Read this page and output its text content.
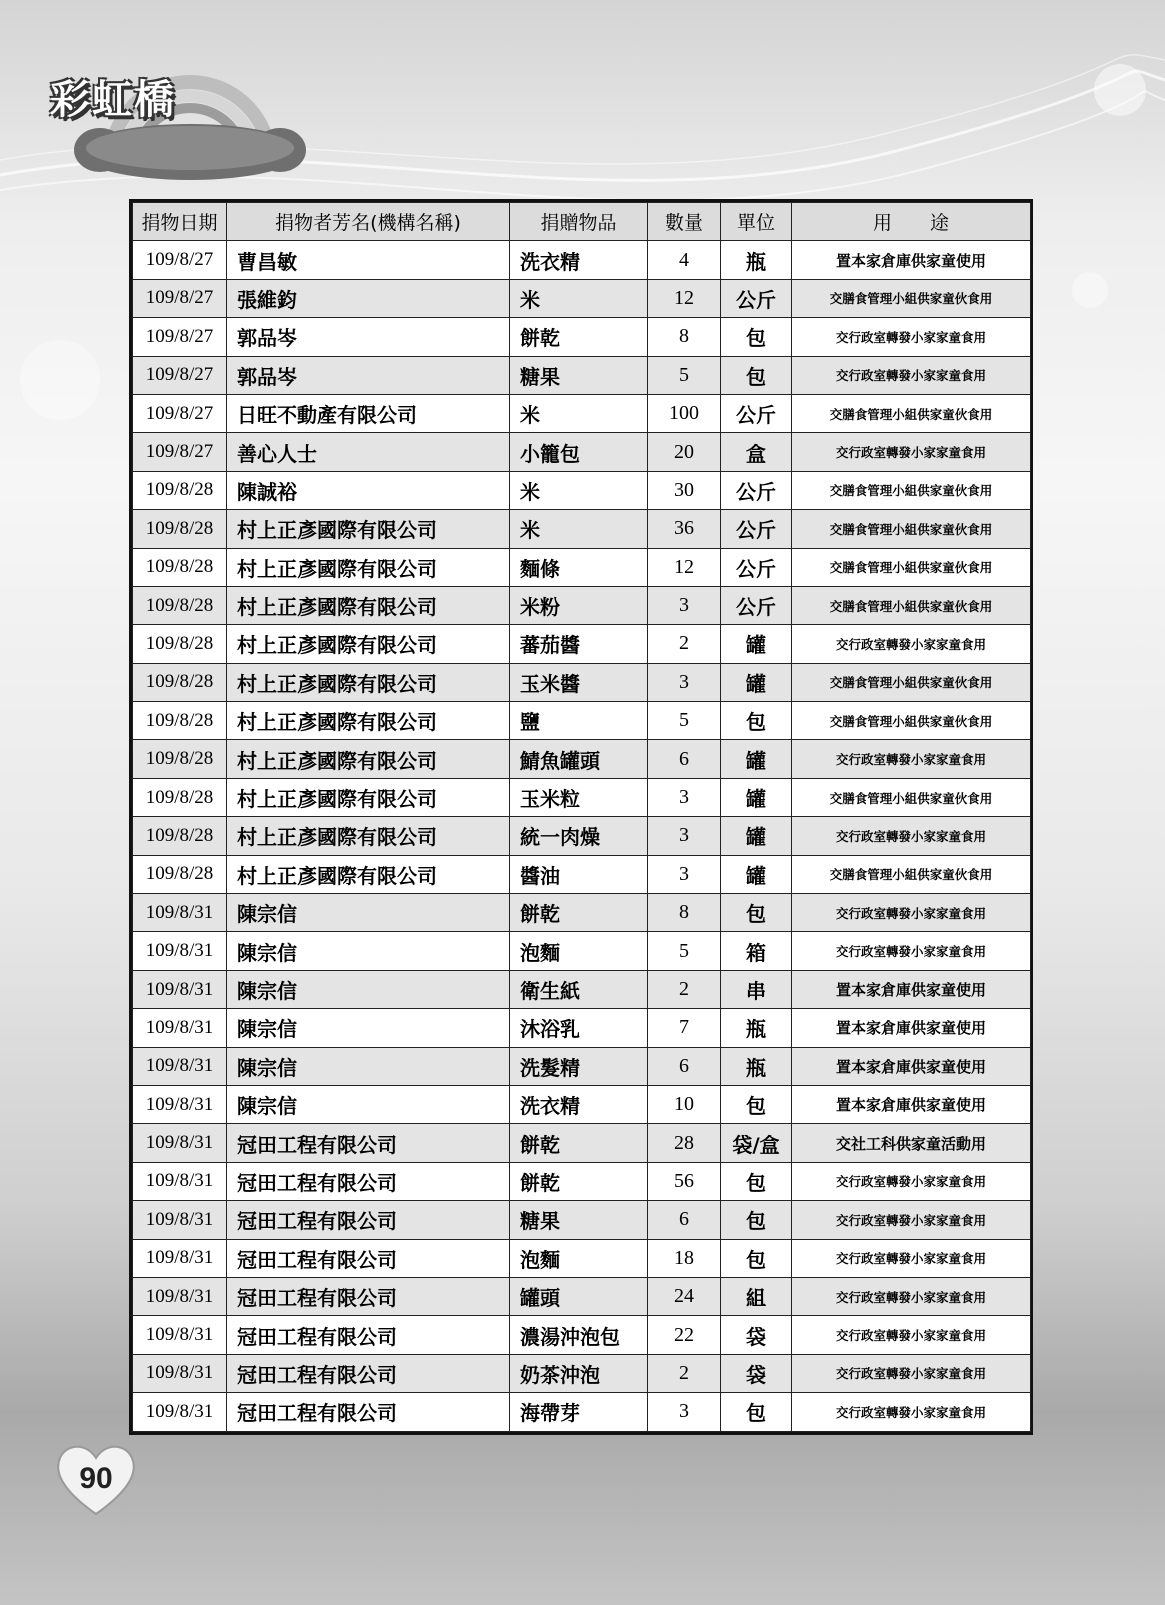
彩虹橋
捐物日期	捐物者芳名(機構名稱)	捐贈物品	數量	單位	用　　途
109/8/27	曹昌敏	洗衣精	4	瓶	置本家倉庫供家童使用
109/8/27	張維鈞	米	12	公斤	交膳食管理小組供家童伙食用
109/8/27	郭品岑	餅乾	8	包	交行政室轉發小家家童食用
109/8/27	郭品岑	糖果	5	包	交行政室轉發小家家童食用
109/8/27	日旺不動產有限公司	米	100	公斤	交膳食管理小組供家童伙食用
109/8/27	善心人士	小籠包	20	盒	交行政室轉發小家家童食用
109/8/28	陳誠裕	米	30	公斤	交膳食管理小組供家童伙食用
109/8/28	村上正彥國際有限公司	米	36	公斤	交膳食管理小組供家童伙食用
109/8/28	村上正彥國際有限公司	麵條	12	公斤	交膳食管理小組供家童伙食用
109/8/28	村上正彥國際有限公司	米粉	3	公斤	交膳食管理小組供家童伙食用
109/8/28	村上正彥國際有限公司	蕃茄醬	2	罐	交行政室轉發小家家童食用
109/8/28	村上正彥國際有限公司	玉米醬	3	罐	交膳食管理小組供家童伙食用
109/8/28	村上正彥國際有限公司	鹽	5	包	交膳食管理小組供家童伙食用
109/8/28	村上正彥國際有限公司	鯖魚罐頭	6	罐	交行政室轉發小家家童食用
109/8/28	村上正彥國際有限公司	玉米粒	3	罐	交膳食管理小組供家童伙食用
109/8/28	村上正彥國際有限公司	統一肉燥	3	罐	交行政室轉發小家家童食用
109/8/28	村上正彥國際有限公司	醬油	3	罐	交膳食管理小組供家童伙食用
109/8/31	陳宗信	餅乾	8	包	交行政室轉發小家家童食用
109/8/31	陳宗信	泡麵	5	箱	交行政室轉發小家家童食用
109/8/31	陳宗信	衛生紙	2	串	置本家倉庫供家童使用
109/8/31	陳宗信	沐浴乳	7	瓶	置本家倉庫供家童使用
109/8/31	陳宗信	洗髮精	6	瓶	置本家倉庫供家童使用
109/8/31	陳宗信	洗衣精	10	包	置本家倉庫供家童使用
109/8/31	冠田工程有限公司	餅乾	28	袋/盒	交社工科供家童活動用
109/8/31	冠田工程有限公司	餅乾	56	包	交行政室轉發小家家童食用
109/8/31	冠田工程有限公司	糖果	6	包	交行政室轉發小家家童食用
109/8/31	冠田工程有限公司	泡麵	18	包	交行政室轉發小家家童食用
109/8/31	冠田工程有限公司	罐頭	24	組	交行政室轉發小家家童食用
109/8/31	冠田工程有限公司	濃湯沖泡包	22	袋	交行政室轉發小家家童食用
109/8/31	冠田工程有限公司	奶茶沖泡	2	袋	交行政室轉發小家家童食用
109/8/31	冠田工程有限公司	海帶芽	3	包	交行政室轉發小家家童食用
90
